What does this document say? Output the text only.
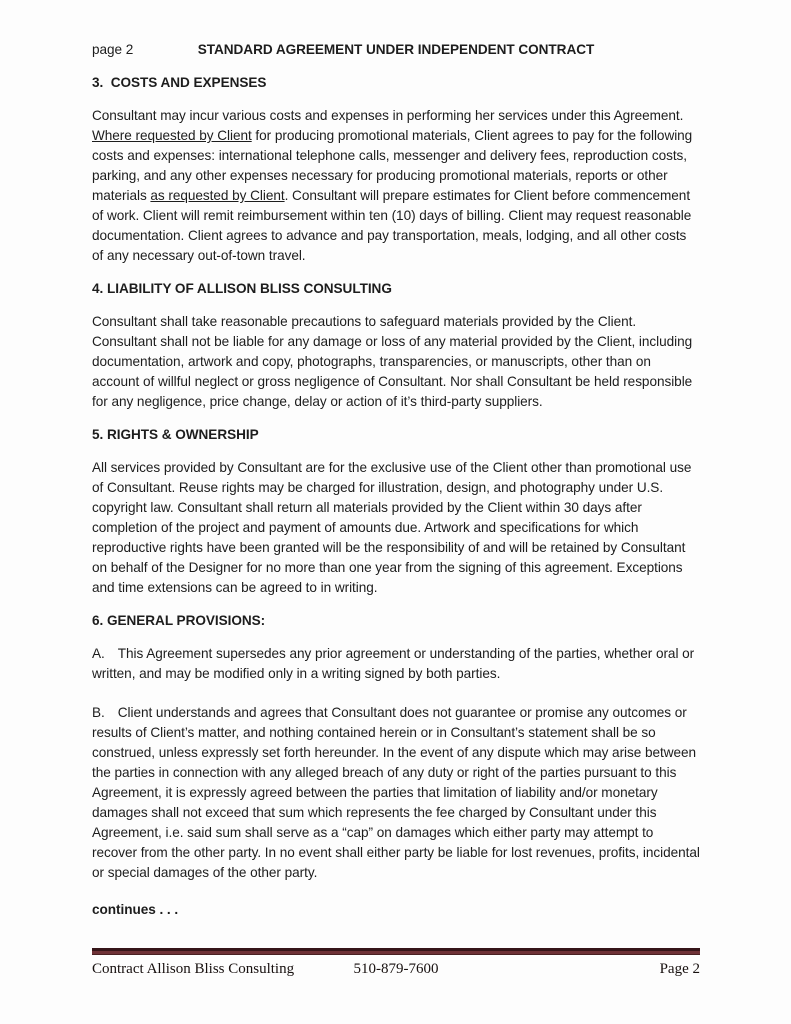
page 2	STANDARD AGREEMENT UNDER INDEPENDENT CONTRACT
3.  COSTS AND EXPENSES

Consultant may incur various costs and expenses in performing her services under this Agreement. Where requested by Client for producing promotional materials, Client agrees to pay for the following costs and expenses: international telephone calls, messenger and delivery fees, reproduction costs, parking, and any other expenses necessary for producing promotional materials, reports or other materials as requested by Client. Consultant will prepare estimates for Client before commencement of work. Client will remit reimbursement within ten (10) days of billing. Client may request reasonable documentation. Client agrees to advance and pay transportation, meals, lodging, and all other costs of any necessary out-of-town travel.

4. LIABILITY OF ALLISON BLISS CONSULTING

Consultant shall take reasonable precautions to safeguard materials provided by the Client. Consultant shall not be liable for any damage or loss of any material provided by the Client, including documentation, artwork and copy, photographs, transparencies, or manuscripts, other than on account of willful neglect or gross negligence of Consultant. Nor shall Consultant be held responsible for any negligence, price change, delay or action of it’s third-party suppliers.

5. RIGHTS & OWNERSHIP

All services provided by Consultant are for the exclusive use of the Client other than promotional use of Consultant. Reuse rights may be charged for illustration, design, and photography under U.S. copyright law. Consultant shall return all materials provided by the Client within 30 days after completion of the project and payment of amounts due. Artwork and specifications for which reproductive rights have been granted will be the responsibility of and will be retained by Consultant on behalf of the Designer for no more than one year from the signing of this agreement. Exceptions and time extensions can be agreed to in writing.

6. GENERAL PROVISIONS:

A. This Agreement supersedes any prior agreement or understanding of the parties, whether oral or written, and may be modified only in a writing signed by both parties.

B. Client understands and agrees that Consultant does not guarantee or promise any outcomes or results of Client’s matter, and nothing contained herein or in Consultant’s statement shall be so construed, unless expressly set forth hereunder. In the event of any dispute which may arise between the parties in connection with any alleged breach of any duty or right of the parties pursuant to this Agreement, it is expressly agreed between the parties that limitation of liability and/or monetary damages shall not exceed that sum which represents the fee charged by Consultant under this Agreement, i.e. said sum shall serve as a “cap” on damages which either party may attempt to recover from the other party. In no event shall either party be liable for lost revenues, profits, incidental or special damages of the other party.

continues . . .

Contract Allison Bliss Consulting	510-879-7600	Page 2
